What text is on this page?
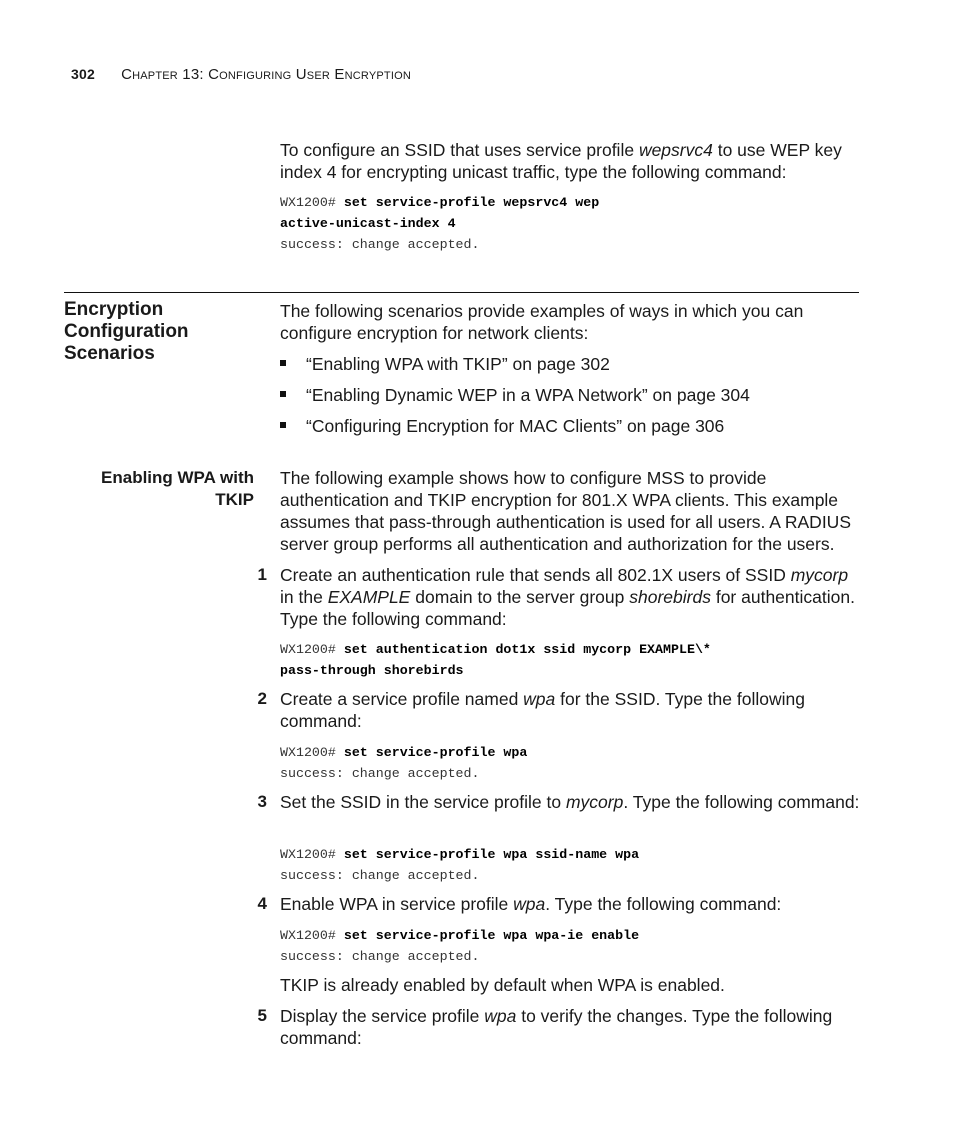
302 Chapter 13: Configuring User Encryption

To configure an SSID that uses service profile wepsrvc4 to use WEP key index 4 for encrypting unicast traffic, type the following command:

WX1200# set service-profile wepsrvc4 wep
active-unicast-index 4
success: change accepted.
Encryption Configuration Scenarios

The following scenarios provide examples of ways in which you can configure encryption for network clients:

“Enabling WPA with TKIP” on page 302
“Enabling Dynamic WEP in a WPA Network” on page 304
“Configuring Encryption for MAC Clients” on page 306
Enabling WPA with TKIP

The following example shows how to configure MSS to provide authentication and TKIP encryption for 801.X WPA clients. This example assumes that pass-through authentication is used for all users. A RADIUS server group performs all authentication and authorization for the users.

1 Create an authentication rule that sends all 802.1X users of SSID mycorp in the EXAMPLE domain to the server group shorebirds for authentication. Type the following command:

WX1200# set authentication dot1x ssid mycorp EXAMPLE\*
pass-through shorebirds
2 Create a service profile named wpa for the SSID. Type the following command:

WX1200# set service-profile wpa
success: change accepted.
3 Set the SSID in the service profile to mycorp. Type the following command:

WX1200# set service-profile wpa ssid-name wpa
success: change accepted.
4 Enable WPA in service profile wpa. Type the following command:

WX1200# set service-profile wpa wpa-ie enable
success: change accepted.

TKIP is already enabled by default when WPA is enabled.

5 Display the service profile wpa to verify the changes. Type the following command:
